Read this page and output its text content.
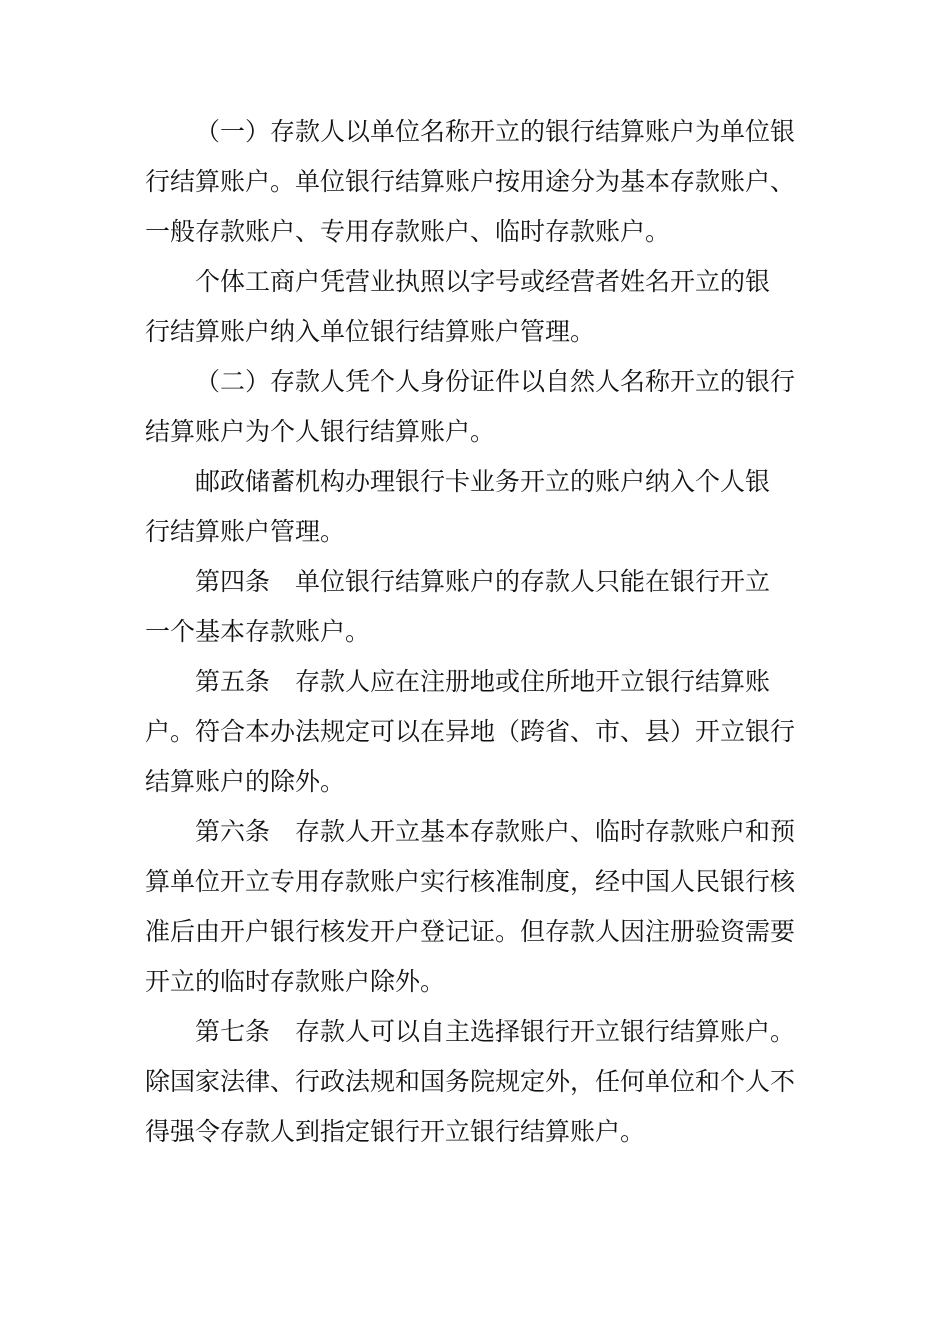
（一）存款人以单位名称开立的银行结算账户为单位银
行结算账户。单位银行结算账户按用途分为基本存款账户、
一般存款账户、专用存款账户、临时存款账户。
个体工商户凭营业执照以字号或经营者姓名开立的银
行结算账户纳入单位银行结算账户管理。
（二）存款人凭个人身份证件以自然人名称开立的银行
结算账户为个人银行结算账户。
邮政储蓄机构办理银行卡业务开立的账户纳入个人银
行结算账户管理。
第四条　单位银行结算账户的存款人只能在银行开立
一个基本存款账户。
第五条　存款人应在注册地或住所地开立银行结算账
户。符合本办法规定可以在异地（跨省、市、县）开立银行
结算账户的除外。
第六条　存款人开立基本存款账户、临时存款账户和预
算单位开立专用存款账户实行核准制度，经中国人民银行核
准后由开户银行核发开户登记证。但存款人因注册验资需要
开立的临时存款账户除外。
第七条　存款人可以自主选择银行开立银行结算账户。
除国家法律、行政法规和国务院规定外，任何单位和个人不
得强令存款人到指定银行开立银行结算账户。
